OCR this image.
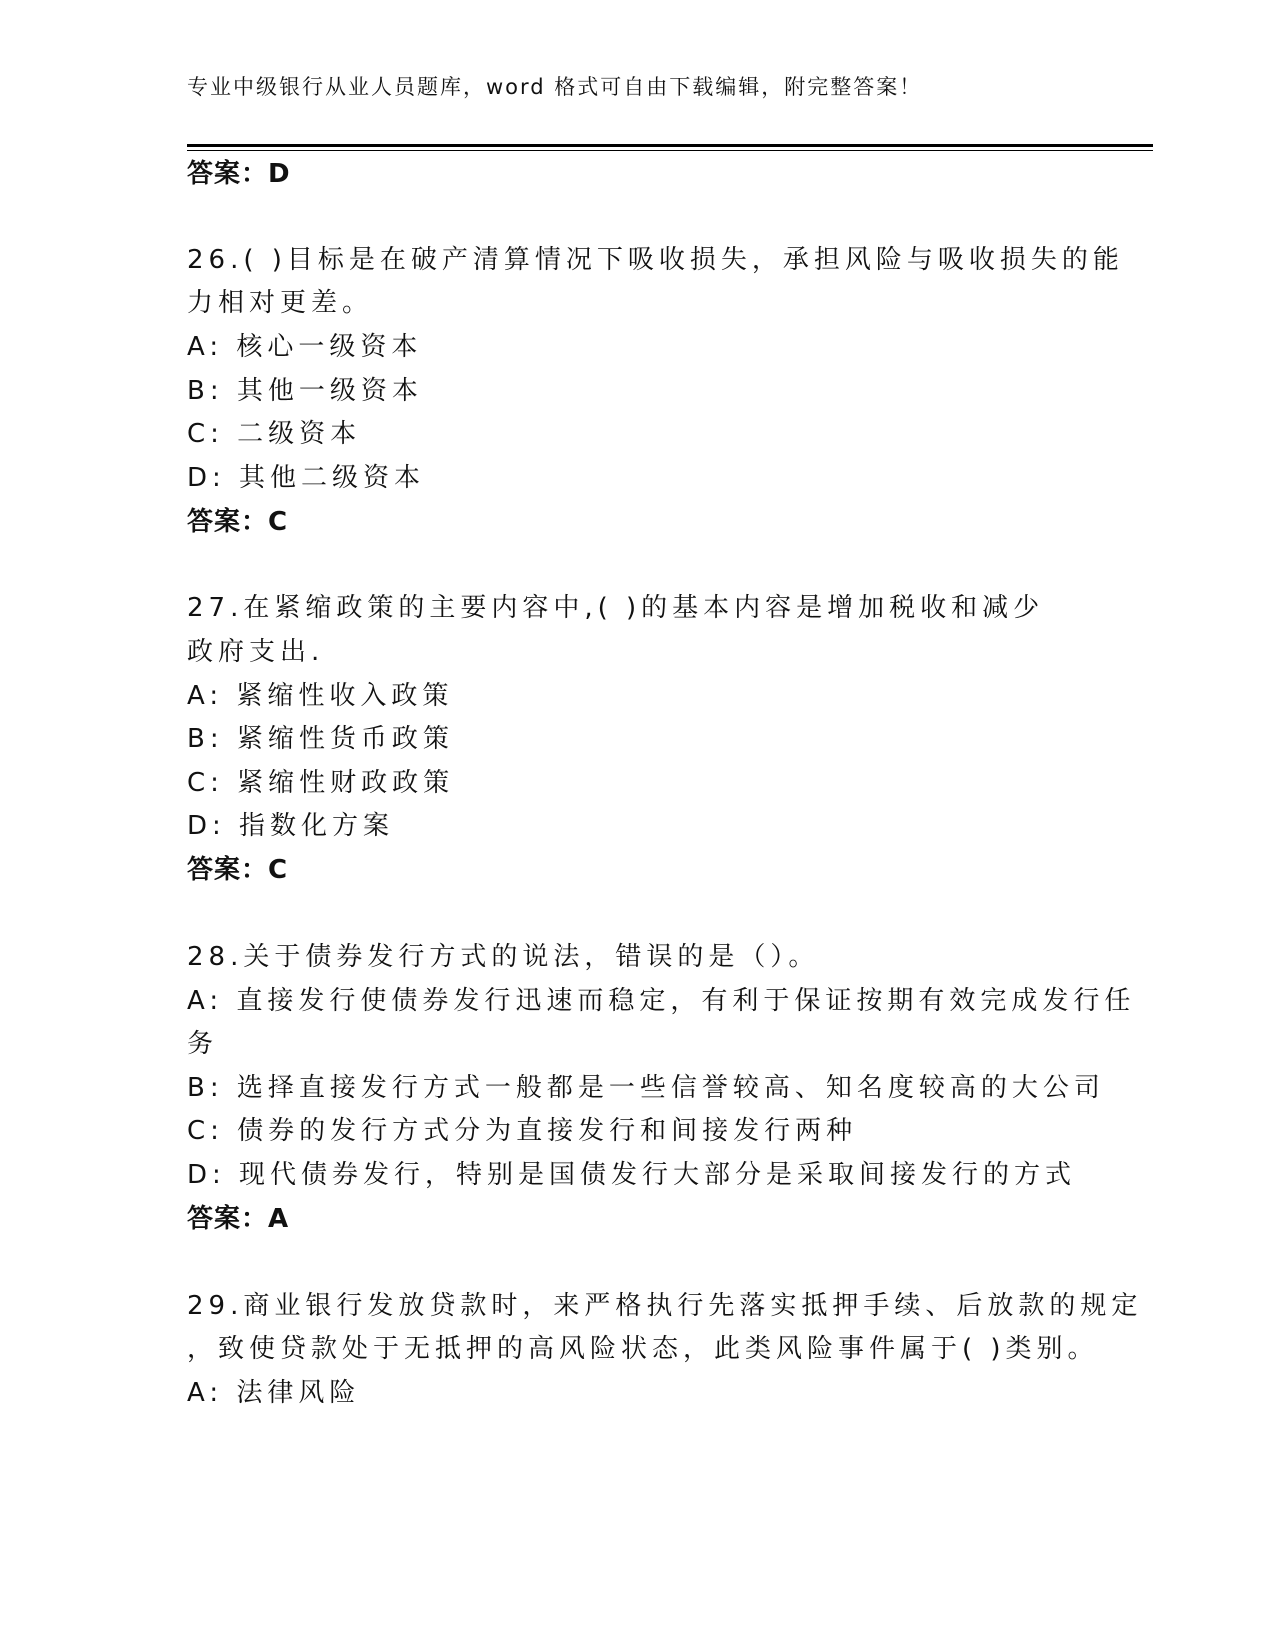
专业中级银行从业人员题库，word 格式可自由下载编辑，附完整答案！
答案：D
26.( )目标是在破产清算情况下吸收损失，承担风险与吸收损失的能
力相对更差。
A: 核心一级资本
B: 其他一级资本
C: 二级资本
D: 其他二级资本
答案：C
27.在紧缩政策的主要内容中,( )的基本内容是增加税收和减少
政府支出.
A: 紧缩性收入政策
B: 紧缩性货币政策
C: 紧缩性财政政策
D: 指数化方案
答案：C
28.关于债券发行方式的说法，错误的是（）。
A: 直接发行使债券发行迅速而稳定，有利于保证按期有效完成发行任
务
B: 选择直接发行方式一般都是一些信誉较高、知名度较高的大公司
C: 债券的发行方式分为直接发行和间接发行两种
D: 现代债券发行，特别是国债发行大部分是采取间接发行的方式
答案：A
29.商业银行发放贷款时，来严格执行先落实抵押手续、后放款的规定
，致使贷款处于无抵押的高风险状态，此类风险事件属于( )类别。
A: 法律风险
